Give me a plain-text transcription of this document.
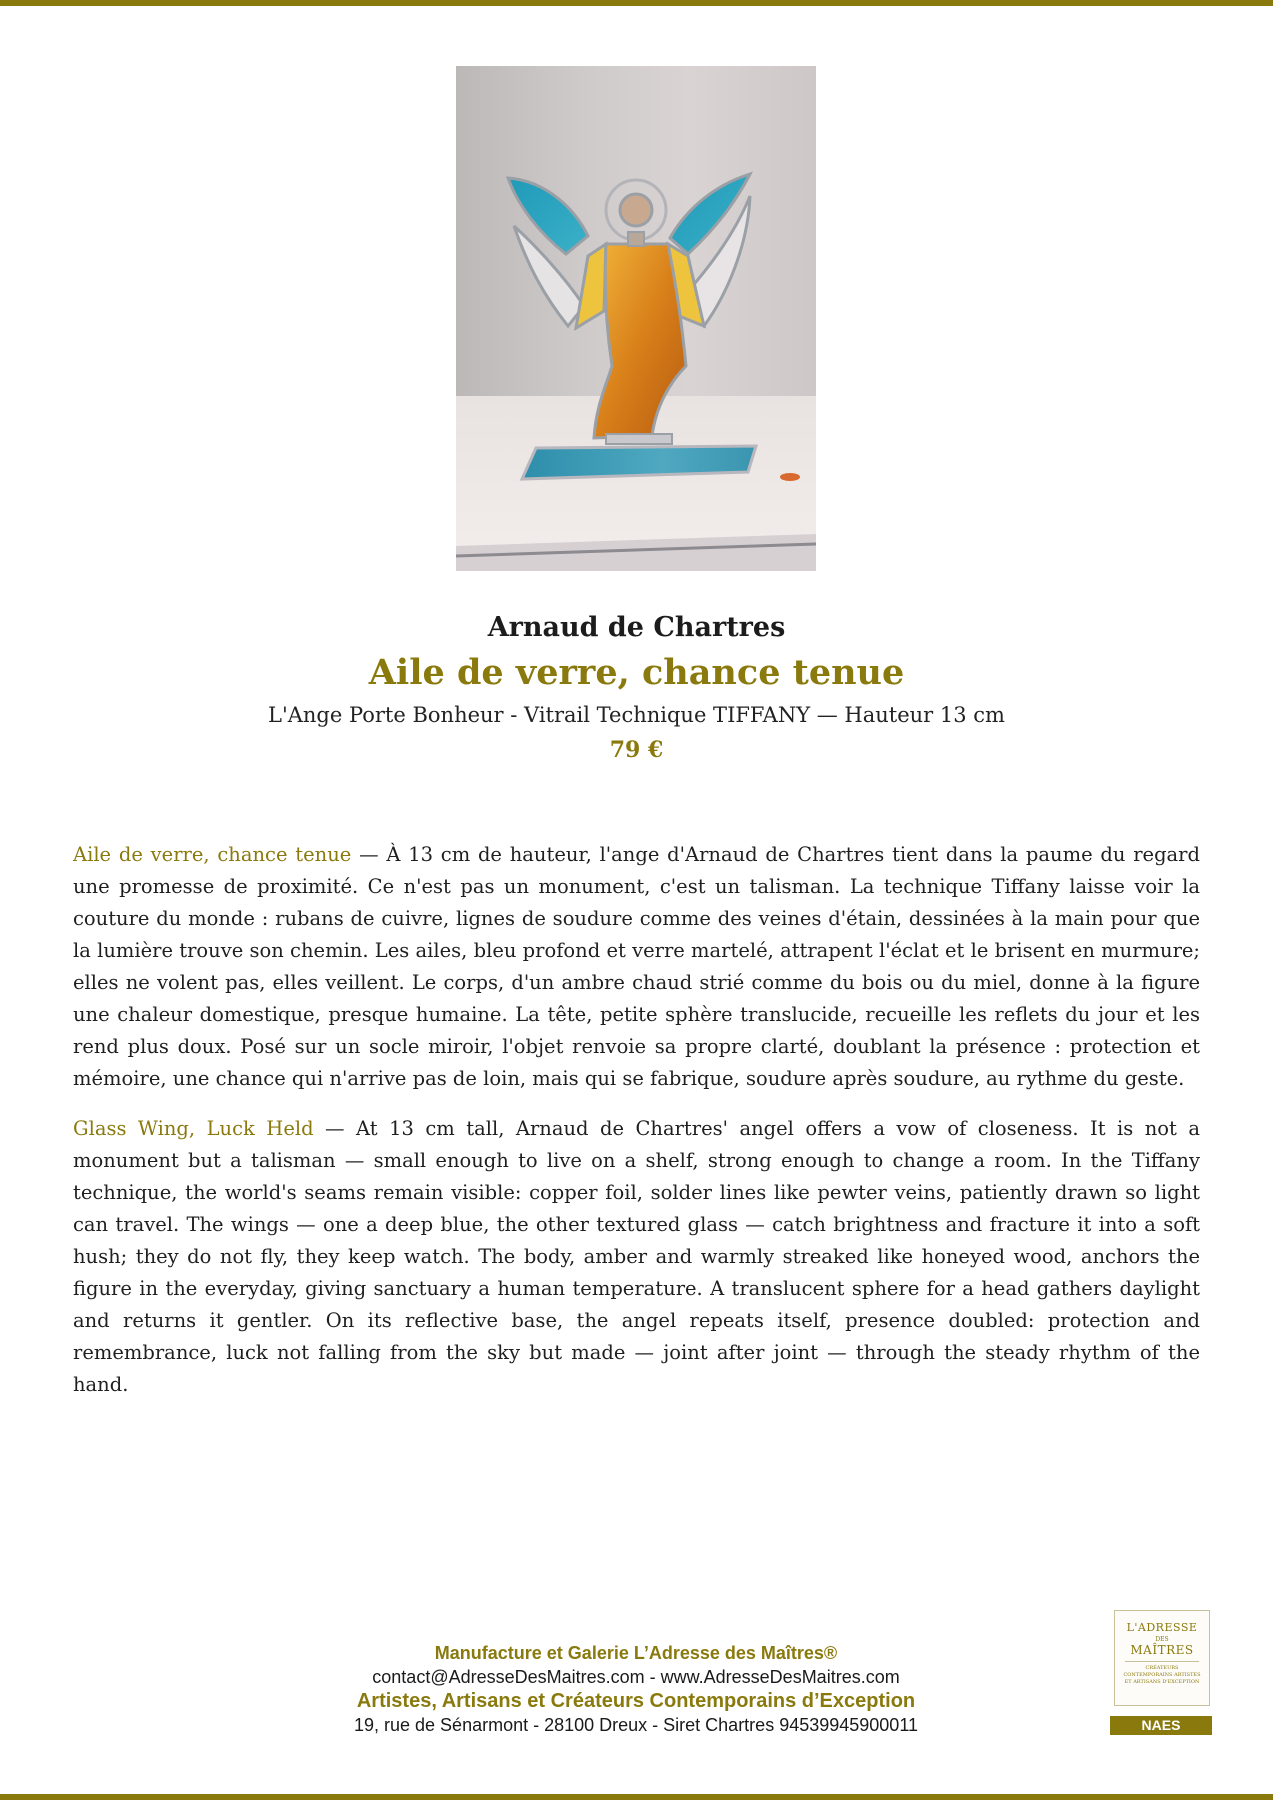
Arnaud de Chartres
Aile de verre, chance tenue
L'Ange Porte Bonheur - Vitrail Technique TIFFANY — Hauteur 13 cm
79 €

Aile de verre, chance tenue — À 13 cm de hauteur, l'ange d'Arnaud de Chartres tient dans la paume du regard une promesse de proximité. Ce n'est pas un monument, c'est un talisman. La technique Tiffany laisse voir la couture du monde : rubans de cuivre, lignes de soudure comme des veines d'étain, dessinées à la main pour que la lumière trouve son chemin. Les ailes, bleu profond et verre martelé, attrapent l'éclat et le brisent en murmure; elles ne volent pas, elles veillent. Le corps, d'un ambre chaud strié comme du bois ou du miel, donne à la figure une chaleur domestique, presque humaine. La tête, petite sphère translucide, recueille les reflets du jour et les rend plus doux. Posé sur un socle miroir, l'objet renvoie sa propre clarté, doublant la présence : protection et mémoire, une chance qui n'arrive pas de loin, mais qui se fabrique, soudure après soudure, au rythme du geste.

Glass Wing, Luck Held — At 13 cm tall, Arnaud de Chartres' angel offers a vow of closeness. It is not a monument but a talisman — small enough to live on a shelf, strong enough to change a room. In the Tiffany technique, the world's seams remain visible: copper foil, solder lines like pewter veins, patiently drawn so light can travel. The wings — one a deep blue, the other textured glass — catch brightness and fracture it into a soft hush; they do not fly, they keep watch. The body, amber and warmly streaked like honeyed wood, anchors the figure in the everyday, giving sanctuary a human temperature. A translucent sphere for a head gathers daylight and returns it gentler. On its reflective base, the angel repeats itself, presence doubled: protection and remembrance, luck not falling from the sky but made — joint after joint — through the steady rhythm of the hand.

Manufacture et Galerie L’Adresse des Maîtres®
contact@AdresseDesMaitres.com - www.AdresseDesMaitres.com
Artistes, Artisans et Créateurs Contemporains d’Exception
19, rue de Sénarmont - 28100 Dreux - Siret Chartres 94539945900011
L'ADRESSE
DES
MAÎTRES
CRÉATEURS CONTEMPORAINS ARTISTES ET ARTISANS D'EXCEPTION
NAES
